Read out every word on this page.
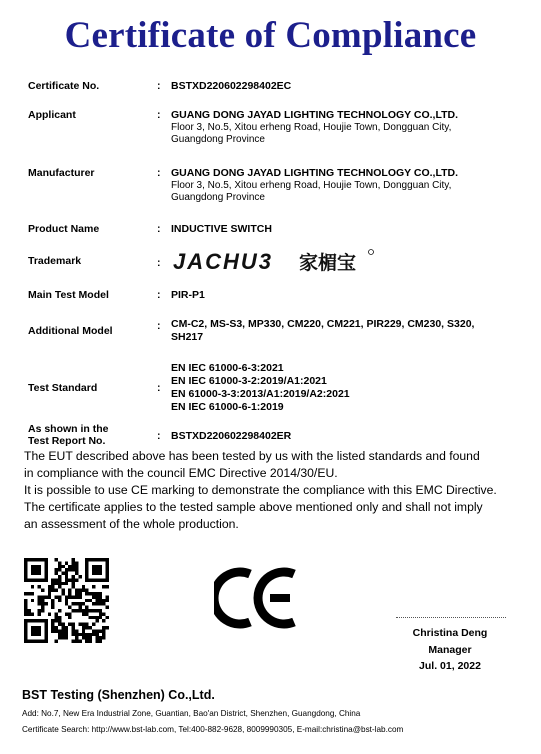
Certificate of Compliance
Certificate No.	: BSTXD220602298402EC
Applicant	: GUANG DONG JAYAD LIGHTING TECHNOLOGY CO.,LTD.
Floor 3, No.5, Xitou erheng Road, Houjie Town, Dongguan City,
Guangdong Province
Manufacturer	: GUANG DONG JAYAD LIGHTING TECHNOLOGY CO.,LTD.
Floor 3, No.5, Xitou erheng Road, Houjie Town, Dongguan City,
Guangdong Province
Product Name	: INDUCTIVE SWITCH
Trademark	: JACHU3 家楣宝
Main Test Model	: PIR-P1
Additional Model	: CM-C2, MS-S3, MP330, CM220, CM221, PIR229, CM230, S320,
SH217
Test Standard	:
EN IEC 61000-6-3:2021
EN IEC 61000-3-2:2019/A1:2021
EN 61000-3-3:2013/A1:2019/A2:2021
EN IEC 61000-6-1:2019
As shown in the
Test Report No.	: BSTXD220602298402ER
The EUT described above has been tested by us with the listed standards and found
in compliance with the council EMC Directive 2014/30/EU.
It is possible to use CE marking to demonstrate the compliance with this EMC Directive.
The certificate applies to the tested sample above mentioned only and shall not imply
an assessment of the whole production.
Christina Deng
Manager
Jul. 01, 2022
BST Testing (Shenzhen) Co.,Ltd.
Add: No.7, New Era Industrial Zone, Guantian, Bao'an District, Shenzhen, Guangdong, China
Certificate Search: http://www.bst-lab.com, Tel:400-882-9628, 8009990305, E-mail:christina@bst-lab.com
